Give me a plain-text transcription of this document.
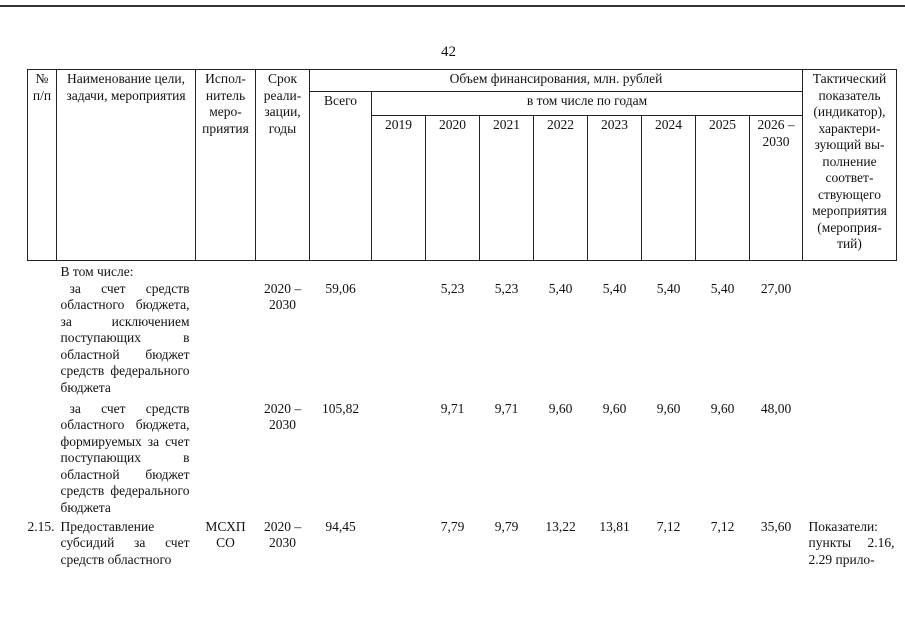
42
№ п/п	Наименование цели, задачи, мероприятия	Испол-нитель меро-приятия	Срок реали-зации, годы	Объем финансирования, млн. рублей									Тактический показатель (индикатор), характери-зующий вы-полнение соответ-ствующего мероприятия (мероприя-тий)
				Всего	в том числе по годам								
					2019	2020	2021	2022	2023	2024	2025	2026 – 2030	
	В том числе:												
	за счет средств областного бюджета, за исключением поступающих в областной бюджет средств федерального бюджета		2020 – 2030	59,06		5,23	5,23	5,40	5,40	5,40	5,40	27,00	
	за счет средств областного бюджета, формируемых за счет поступающих в областной бюджет средств федерального бюджета		2020 – 2030	105,82		9,71	9,71	9,60	9,60	9,60	9,60	48,00	
2.15.	Предоставление субсидий за счет средств областного	МСХП СО	2020 – 2030	94,45		7,79	9,79	13,22	13,81	7,12	7,12	35,60	Показатели: пункты 2.16, 2.29 прило-
